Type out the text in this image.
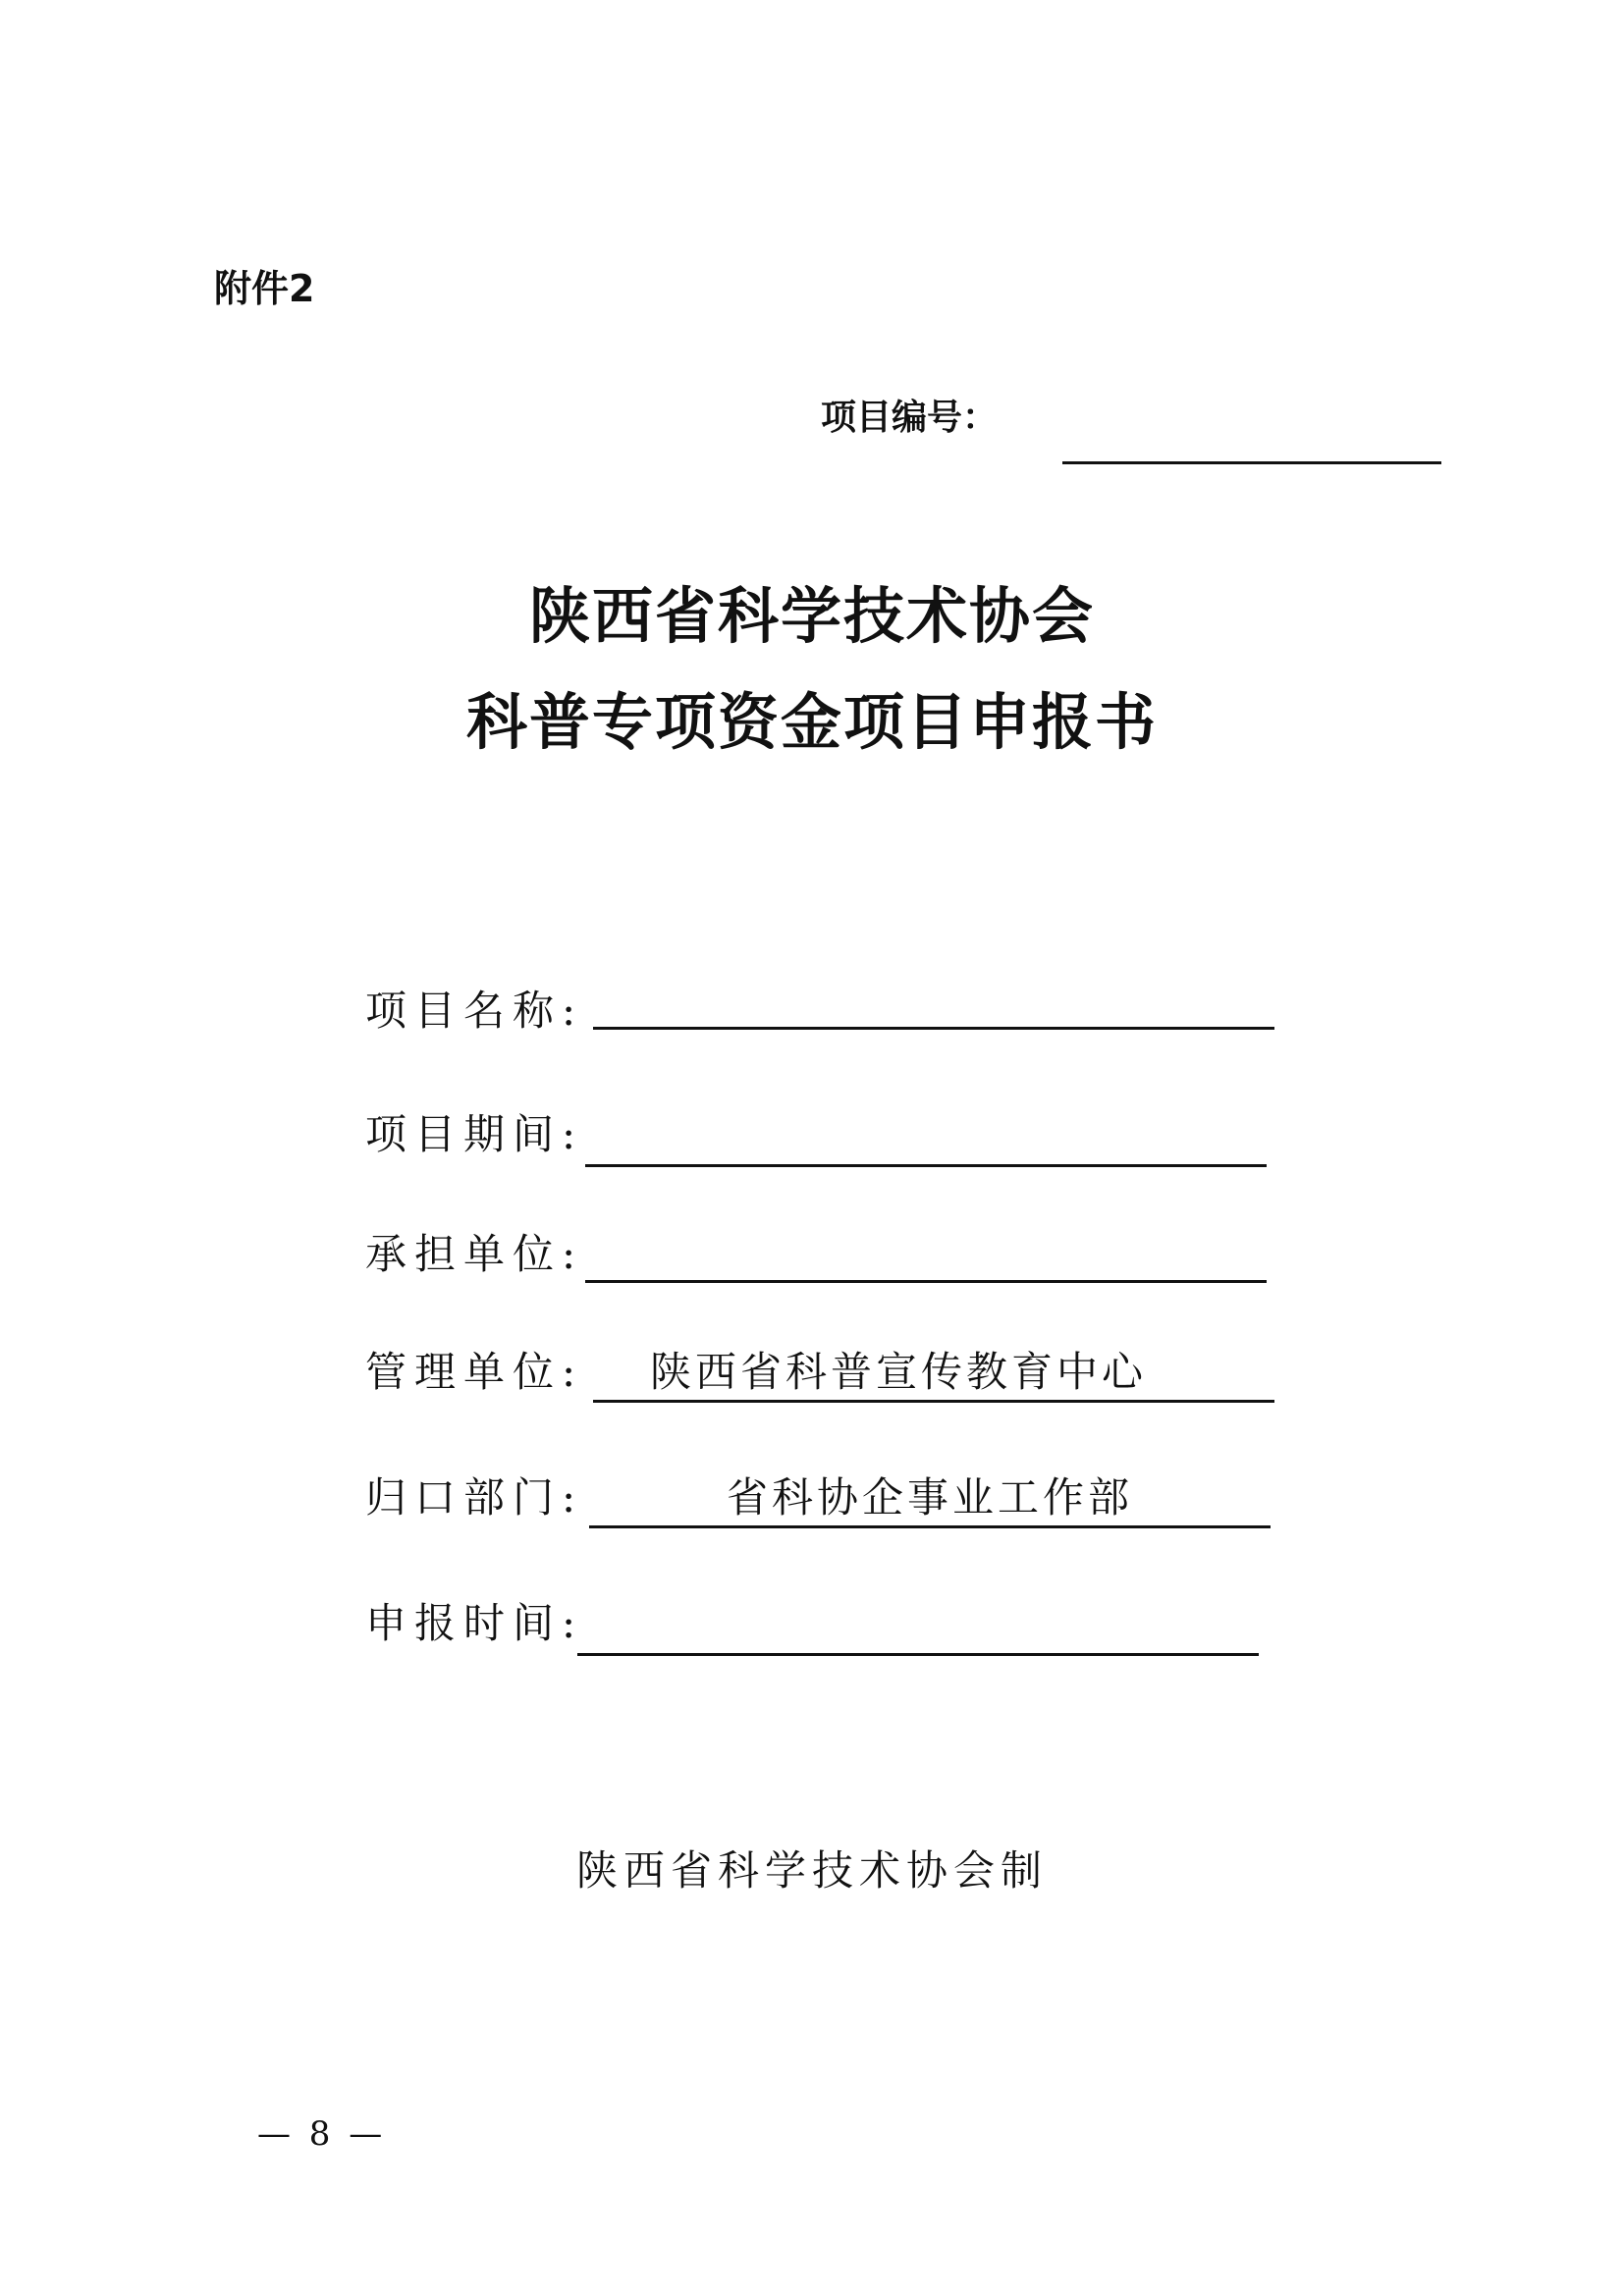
附件2
项目编号：
陕西省科学技术协会
科普专项资金项目申报书
项目名称:
项目期间:
承担单位:
管理单位:	陕西省科普宣传教育中心
归口部门:	省科协企事业工作部
申报时间:
陕西省科学技术协会制
— 8 —
